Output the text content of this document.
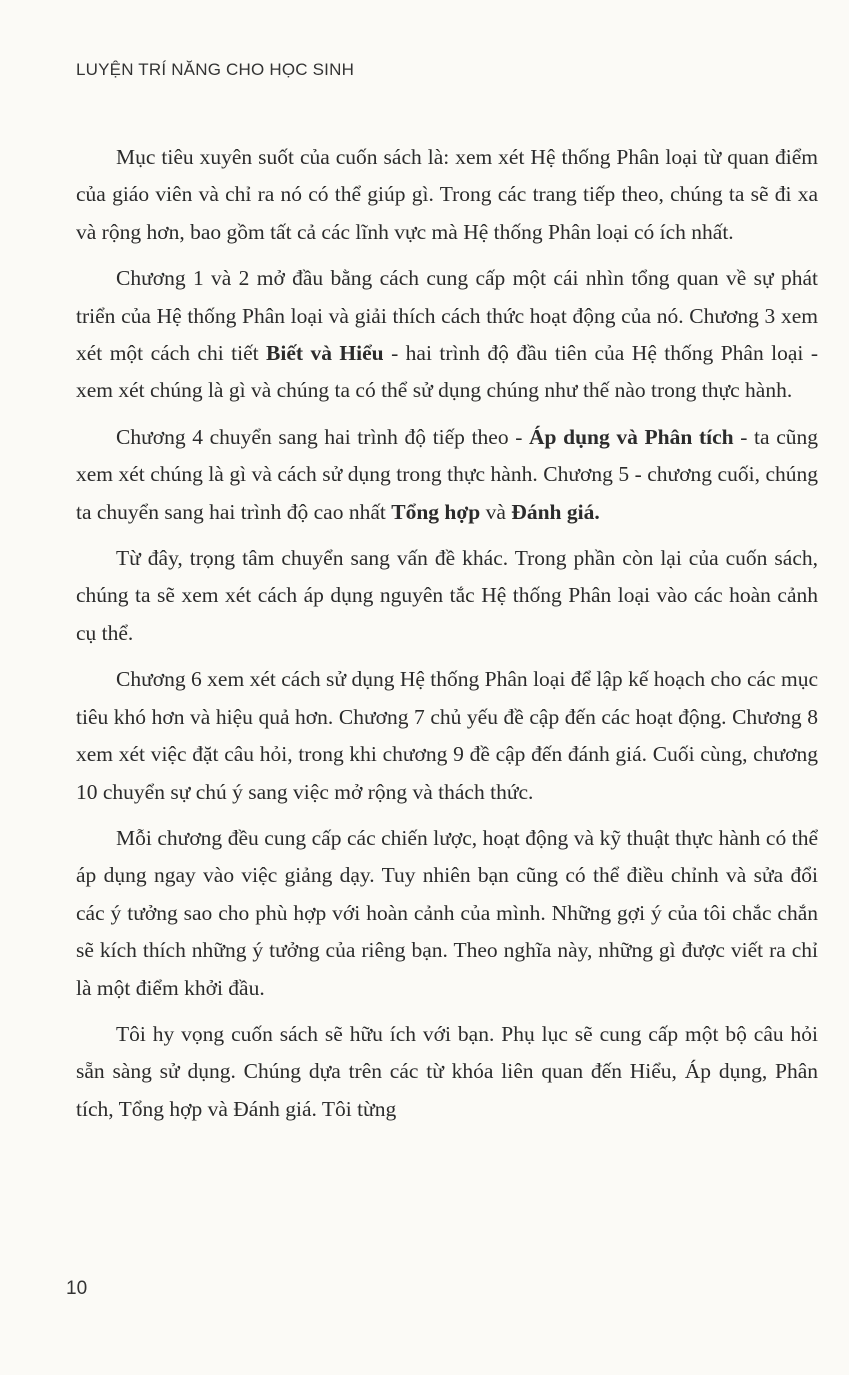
LUYỆN TRÍ NĂNG CHO HỌC SINH

Mục tiêu xuyên suốt của cuốn sách là: xem xét Hệ thống Phân loại từ quan điểm của giáo viên và chỉ ra nó có thể giúp gì. Trong các trang tiếp theo, chúng ta sẽ đi xa và rộng hơn, bao gồm tất cả các lĩnh vực mà Hệ thống Phân loại có ích nhất.

Chương 1 và 2 mở đầu bằng cách cung cấp một cái nhìn tổng quan về sự phát triển của Hệ thống Phân loại và giải thích cách thức hoạt động của nó. Chương 3 xem xét một cách chi tiết Biết và Hiểu - hai trình độ đầu tiên của Hệ thống Phân loại - xem xét chúng là gì và chúng ta có thể sử dụng chúng như thế nào trong thực hành.

Chương 4 chuyển sang hai trình độ tiếp theo - Áp dụng và Phân tích - ta cũng xem xét chúng là gì và cách sử dụng trong thực hành. Chương 5 - chương cuối, chúng ta chuyển sang hai trình độ cao nhất Tổng hợp và Đánh giá.

Từ đây, trọng tâm chuyển sang vấn đề khác. Trong phần còn lại của cuốn sách, chúng ta sẽ xem xét cách áp dụng nguyên tắc Hệ thống Phân loại vào các hoàn cảnh cụ thể.

Chương 6 xem xét cách sử dụng Hệ thống Phân loại để lập kế hoạch cho các mục tiêu khó hơn và hiệu quả hơn. Chương 7 chủ yếu đề cập đến các hoạt động. Chương 8 xem xét việc đặt câu hỏi, trong khi chương 9 đề cập đến đánh giá. Cuối cùng, chương 10 chuyển sự chú ý sang việc mở rộng và thách thức.

Mỗi chương đều cung cấp các chiến lược, hoạt động và kỹ thuật thực hành có thể áp dụng ngay vào việc giảng dạy. Tuy nhiên bạn cũng có thể điều chỉnh và sửa đổi các ý tưởng sao cho phù hợp với hoàn cảnh của mình. Những gợi ý của tôi chắc chắn sẽ kích thích những ý tưởng của riêng bạn. Theo nghĩa này, những gì được viết ra chỉ là một điểm khởi đầu.

Tôi hy vọng cuốn sách sẽ hữu ích với bạn. Phụ lục sẽ cung cấp một bộ câu hỏi sẵn sàng sử dụng. Chúng dựa trên các từ khóa liên quan đến Hiểu, Áp dụng, Phân tích, Tổng hợp và Đánh giá. Tôi từng

10
